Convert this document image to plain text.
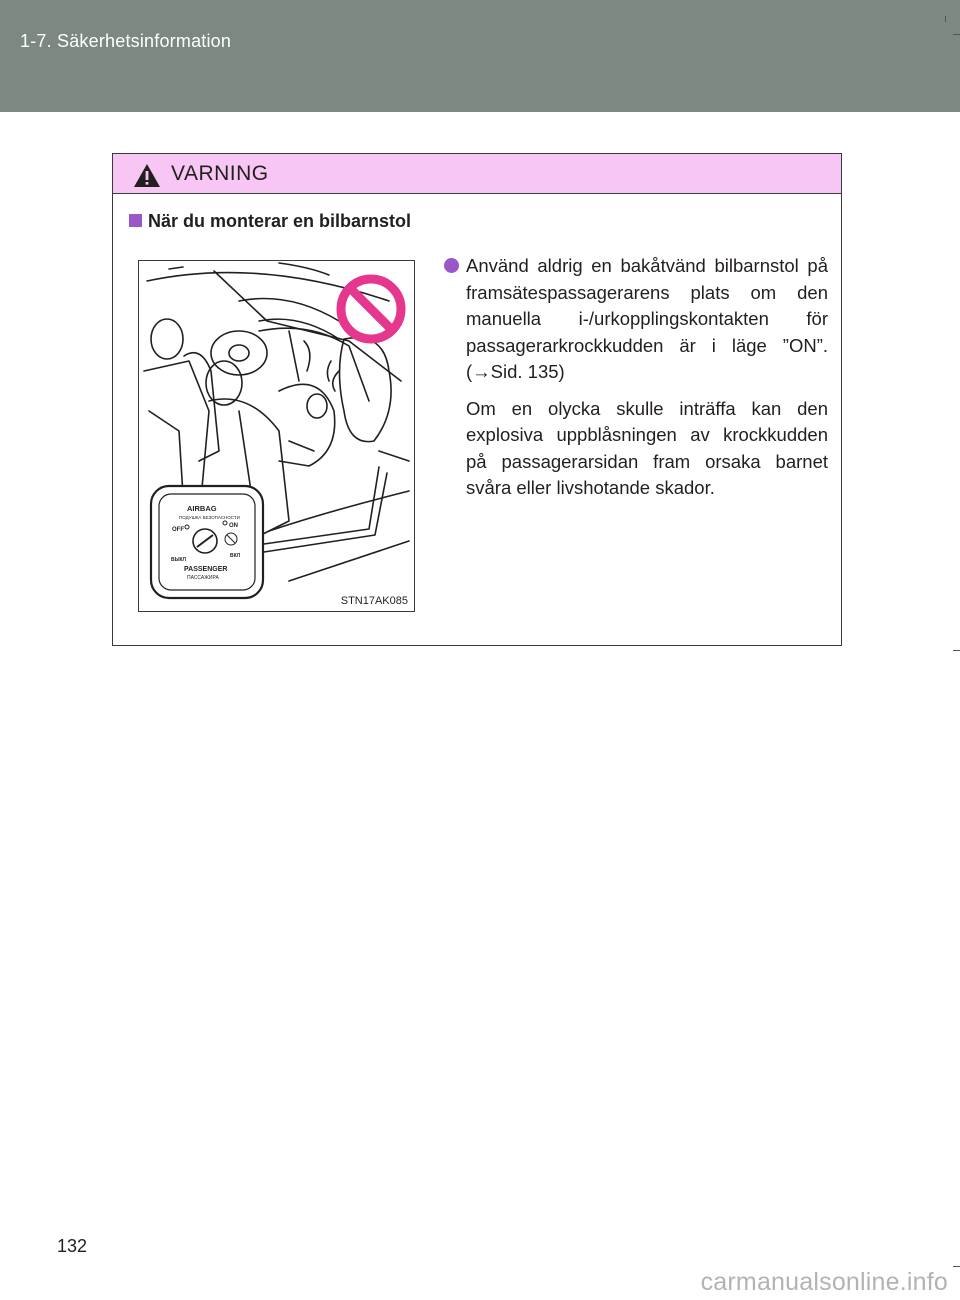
1-7. Säkerhetsinformation
VARNING
När du monterar en bilbarnstol
AIRBAG
ПОДУШКА БЕЗОПАСНОСТИ
OFF
ВЫКЛ
ON
ВКЛ
PASSENGER
ПАССАЖИРА
STN17AK085

Använd aldrig en bakåtvänd bilbarnstol på framsätespassagerarens plats om den manuella i-/urkopplingskontakten för passagerarkrockkudden är i läge ”ON”. (→Sid. 135)

Om en olycka skulle inträffa kan den explosiva uppblåsningen av krockkudden på passagerarsidan fram orsaka barnet svåra eller livshotande skador.

132
carmanualsonline.info
